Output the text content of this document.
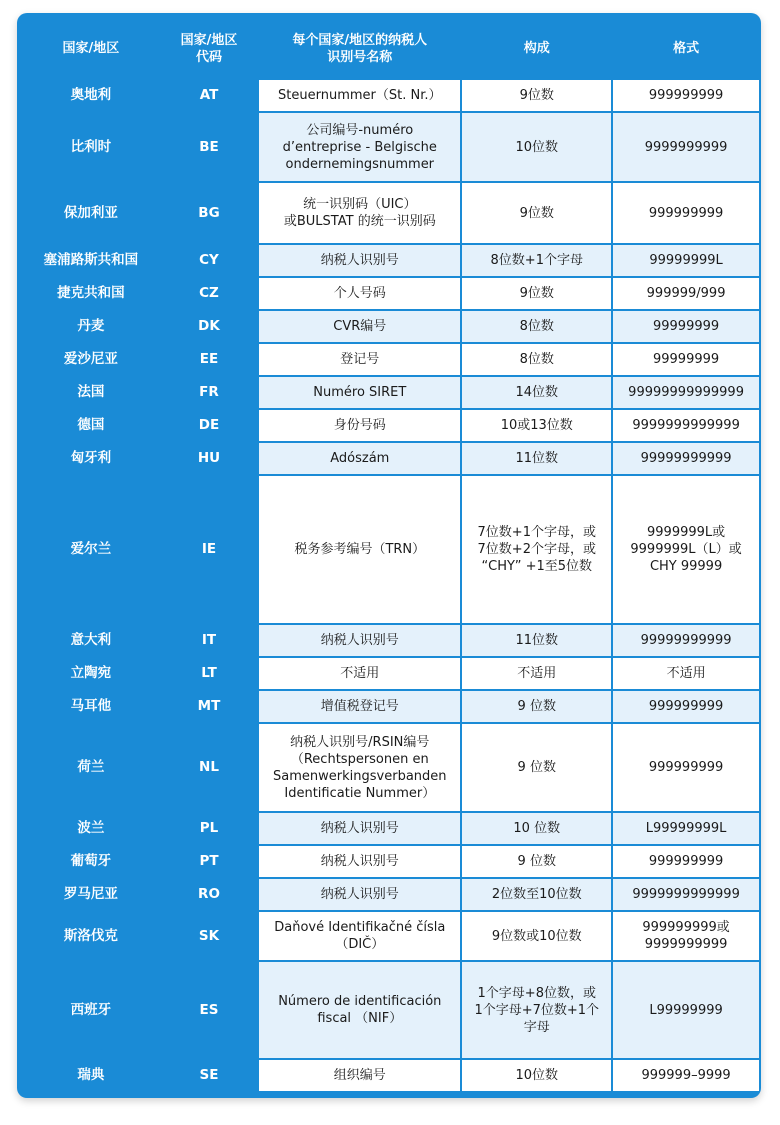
国家/地区	国家/地区
代码	每个国家/地区的纳税人
识别号名称	构成	格式
奥地利	AT	Steuernummer（St. Nr.）	9位数	999999999
比利时	BE	公司编号-numéro
d’entreprise - Belgische
ondernemingsnummer	10位数	9999999999
保加利亚	BG	统一识别码（UIC）
或BULSTAT 的统一识别码	9位数	999999999
塞浦路斯共和国	CY	纳税人识别号	8位数+1个字母	99999999L
捷克共和国	CZ	个人号码	9位数	999999/999
丹麦	DK	CVR编号	8位数	99999999
爱沙尼亚	EE	登记号	8位数	99999999
法国	FR	Numéro SIRET	14位数	99999999999999
德国	DE	身份号码	10或13位数	9999999999999
匈牙利	HU	Adószám	11位数	99999999999
爱尔兰	IE	税务参考编号（TRN）	7位数+1个字母，或
7位数+2个字母，或
“CHY” +1至5位数	9999999L或
9999999L（L）或
CHY 99999
意大利	IT	纳税人识别号	11位数	99999999999
立陶宛	LT	不适用	不适用	不适用
马耳他	MT	增值税登记号	9 位数	999999999
荷兰	NL	纳税人识别号/RSIN编号
（Rechtspersonen en
Samenwerkingsverbanden
Identificatie Nummer）	9 位数	999999999
波兰	PL	纳税人识别号	10 位数	L99999999L
葡萄牙	PT	纳税人识别号	9 位数	999999999
罗马尼亚	RO	纳税人识别号	2位数至10位数	9999999999999
斯洛伐克	SK	Daňové Identifikačné čísla
（DIČ）	9位数或10位数	999999999或
9999999999
西班牙	ES	Número de identificación
fiscal （NIF）	1个字母+8位数，或
1个字母+7位数+1个
字母	L99999999
瑞典	SE	组织编号	10位数	999999–9999
